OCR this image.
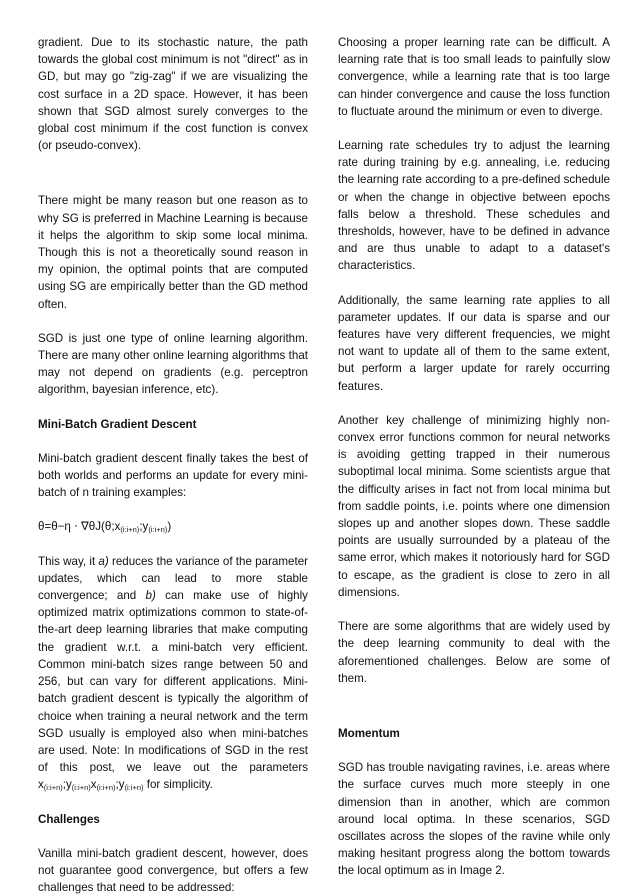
gradient. Due to its stochastic nature, the path towards the global cost minimum is not "direct" as in GD, but may go "zig-zag" if we are visualizing the cost surface in a 2D space. However, it has been shown that SGD almost surely converges to the global cost minimum if the cost function is convex (or pseudo-convex).

There might be many reason but one reason as to why SG is preferred in Machine Learning is because it helps the algorithm to skip some local minima. Though this is not a theoretically sound reason in my opinion, the optimal points that are computed using SG are empirically better than the GD method often.

SGD is just one type of online learning algorithm. There are many other online learning algorithms that may not depend on gradients (e.g. perceptron algorithm, bayesian inference, etc).

Mini-Batch Gradient Descent

Mini-batch gradient descent finally takes the best of both worlds and performs an update for every mini-batch of n training examples:

$\theta=\theta-\eta \cdot \nabla\theta J(\theta;x_{(i:i+n)};y_{(i:i+n)})$

This way, it a) reduces the variance of the parameter updates, which can lead to more stable convergence; and b) can make use of highly optimized matrix optimizations common to state-of-the-art deep learning libraries that make computing the gradient w.r.t. a mini-batch very efficient. Common mini-batch sizes range between 50 and 256, but can vary for different applications. Mini-batch gradient descent is typically the algorithm of choice when training a neural network and the term SGD usually is employed also when mini-batches are used. Note: In modifications of SGD in the rest of this post, we leave out the parameters $x_{(i:i+n)};y_{(i:i+n)}x_{(i:i+n)};y_{(i:i+n)}$ for simplicity.

Challenges

Vanilla mini-batch gradient descent, however, does not guarantee good convergence, but offers a few challenges that need to be addressed:

Choosing a proper learning rate can be difficult. A learning rate that is too small leads to painfully slow convergence, while a learning rate that is too large can hinder convergence and cause the loss function to fluctuate around the minimum or even to diverge.

Learning rate schedules try to adjust the learning rate during training by e.g. annealing, i.e. reducing the learning rate according to a pre-defined schedule or when the change in objective between epochs falls below a threshold. These schedules and thresholds, however, have to be defined in advance and are thus unable to adapt to a dataset's characteristics.

Additionally, the same learning rate applies to all parameter updates. If our data is sparse and our features have very different frequencies, we might not want to update all of them to the same extent, but perform a larger update for rarely occurring features.

Another key challenge of minimizing highly non-convex error functions common for neural networks is avoiding getting trapped in their numerous suboptimal local minima. Some scientists argue that the difficulty arises in fact not from local minima but from saddle points, i.e. points where one dimension slopes up and another slopes down. These saddle points are usually surrounded by a plateau of the same error, which makes it notoriously hard for SGD to escape, as the gradient is close to zero in all dimensions.

There are some algorithms that are widely used by the deep learning community to deal with the aforementioned challenges. Below are some of them.

Momentum

SGD has trouble navigating ravines, i.e. areas where the surface curves much more steeply in one dimension than in another, which are common around local optima. In these scenarios, SGD oscillates across the slopes of the ravine while only making hesitant progress along the bottom towards the local optimum as in Image 2.
